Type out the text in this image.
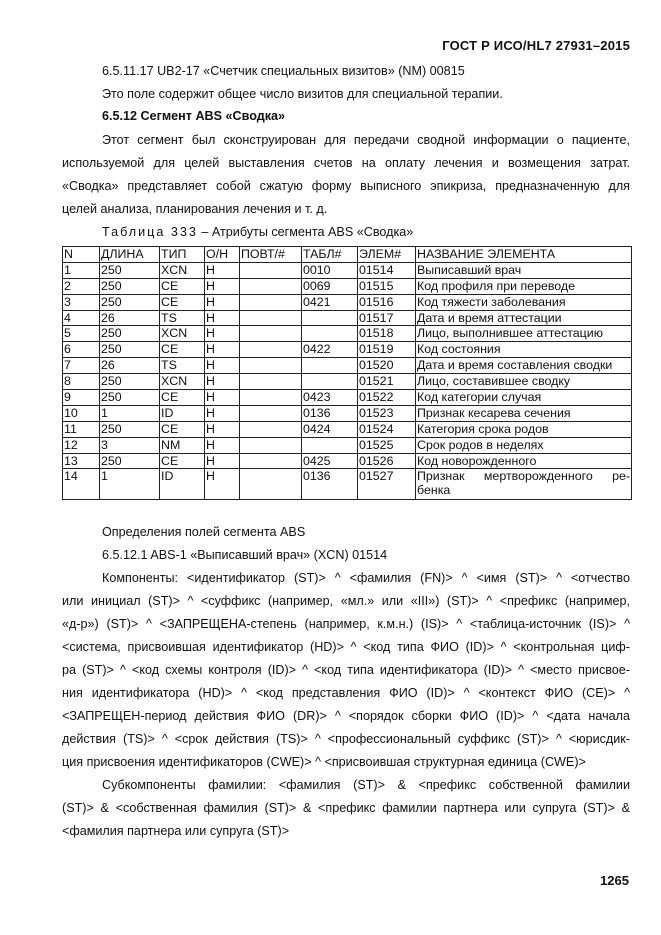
ГОСТ Р ИСО/HL7 27931–2015
6.5.11.17 UB2-17 «Счетчик специальных визитов» (NM) 00815
Это поле содержит общее число визитов для специальной терапии.
6.5.12 Сегмент ABS «Сводка»
Этот сегмент был сконструирован для передачи сводной информации о пациенте,
используемой для целей выставления счетов на оплату лечения и возмещения затрат.
«Сводка» представляет собой сжатую форму выписного эпикриза, предназначенную для
целей анализа, планирования лечения и т. д.
Таблица 333 – Атрибуты сегмента ABS «Сводка»
N	ДЛИНА	ТИП	О/Н	ПОВТ/#	ТАБЛ#	ЭЛЕМ#	НАЗВАНИЕ ЭЛЕМЕНТА
1	250	XCN	H		0010	01514	Выписавший врач
2	250	CE	H		0069	01515	Код профиля при переводе
3	250	CE	H		0421	01516	Код тяжести заболевания
4	26	TS	H			01517	Дата и время аттестации
5	250	XCN	H			01518	Лицо, выполнившее аттестацию
6	250	CE	H		0422	01519	Код состояния
7	26	TS	H			01520	Дата и время составления сводки
8	250	XCN	H			01521	Лицо, составившее сводку
9	250	CE	H		0423	01522	Код категории случая
10	1	ID	H		0136	01523	Признак кесарева сечения
11	250	CE	H		0424	01524	Категория срока родов
12	3	NM	H			01525	Срок родов в неделях
13	250	CE	H		0425	01526	Код новорожденного
14	1	ID	H		0136	01527	Признак мертворожденного ре-
бенка
Определения полей сегмента ABS
6.5.12.1 ABS-1 «Выписавший врач» (XCN) 01514
Компоненты: <идентификатор (ST)> ^ <фамилия (FN)> ^ <имя (ST)> ^ <отчество
или инициал (ST)> ^ <суффикс (например, «мл.» или «III») (ST)> ^ <префикс (например,
«д-р») (ST)> ^ <ЗАПРЕЩЕНА-степень (например, к.м.н.) (IS)> ^ <таблица-источник (IS)> ^
<система, присвоившая идентификатор (HD)> ^ <код типа ФИО (ID)> ^ <контрольная циф-
ра (ST)> ^ <код схемы контроля (ID)> ^ <код типа идентификатора (ID)> ^ <место присвое-
ния идентификатора (HD)> ^ <код представления ФИО (ID)> ^ <контекст ФИО (CE)> ^
<ЗАПРЕЩЕН-период действия ФИО (DR)> ^ <порядок сборки ФИО (ID)> ^ <дата начала
действия (TS)> ^ <срок действия (TS)> ^ <профессиональный суффикс (ST)> ^ <юрисдик-
ция присвоения идентификаторов (CWE)> ^ <присвоившая структурная единица (CWE)>
Субкомпоненты фамилии: <фамилия (ST)> & <префикс собственной фамилии
(ST)> & <собственная фамилия (ST)> & <префикс фамилии партнера или супруга (ST)> &
<фамилия партнера или супруга (ST)>
1265
